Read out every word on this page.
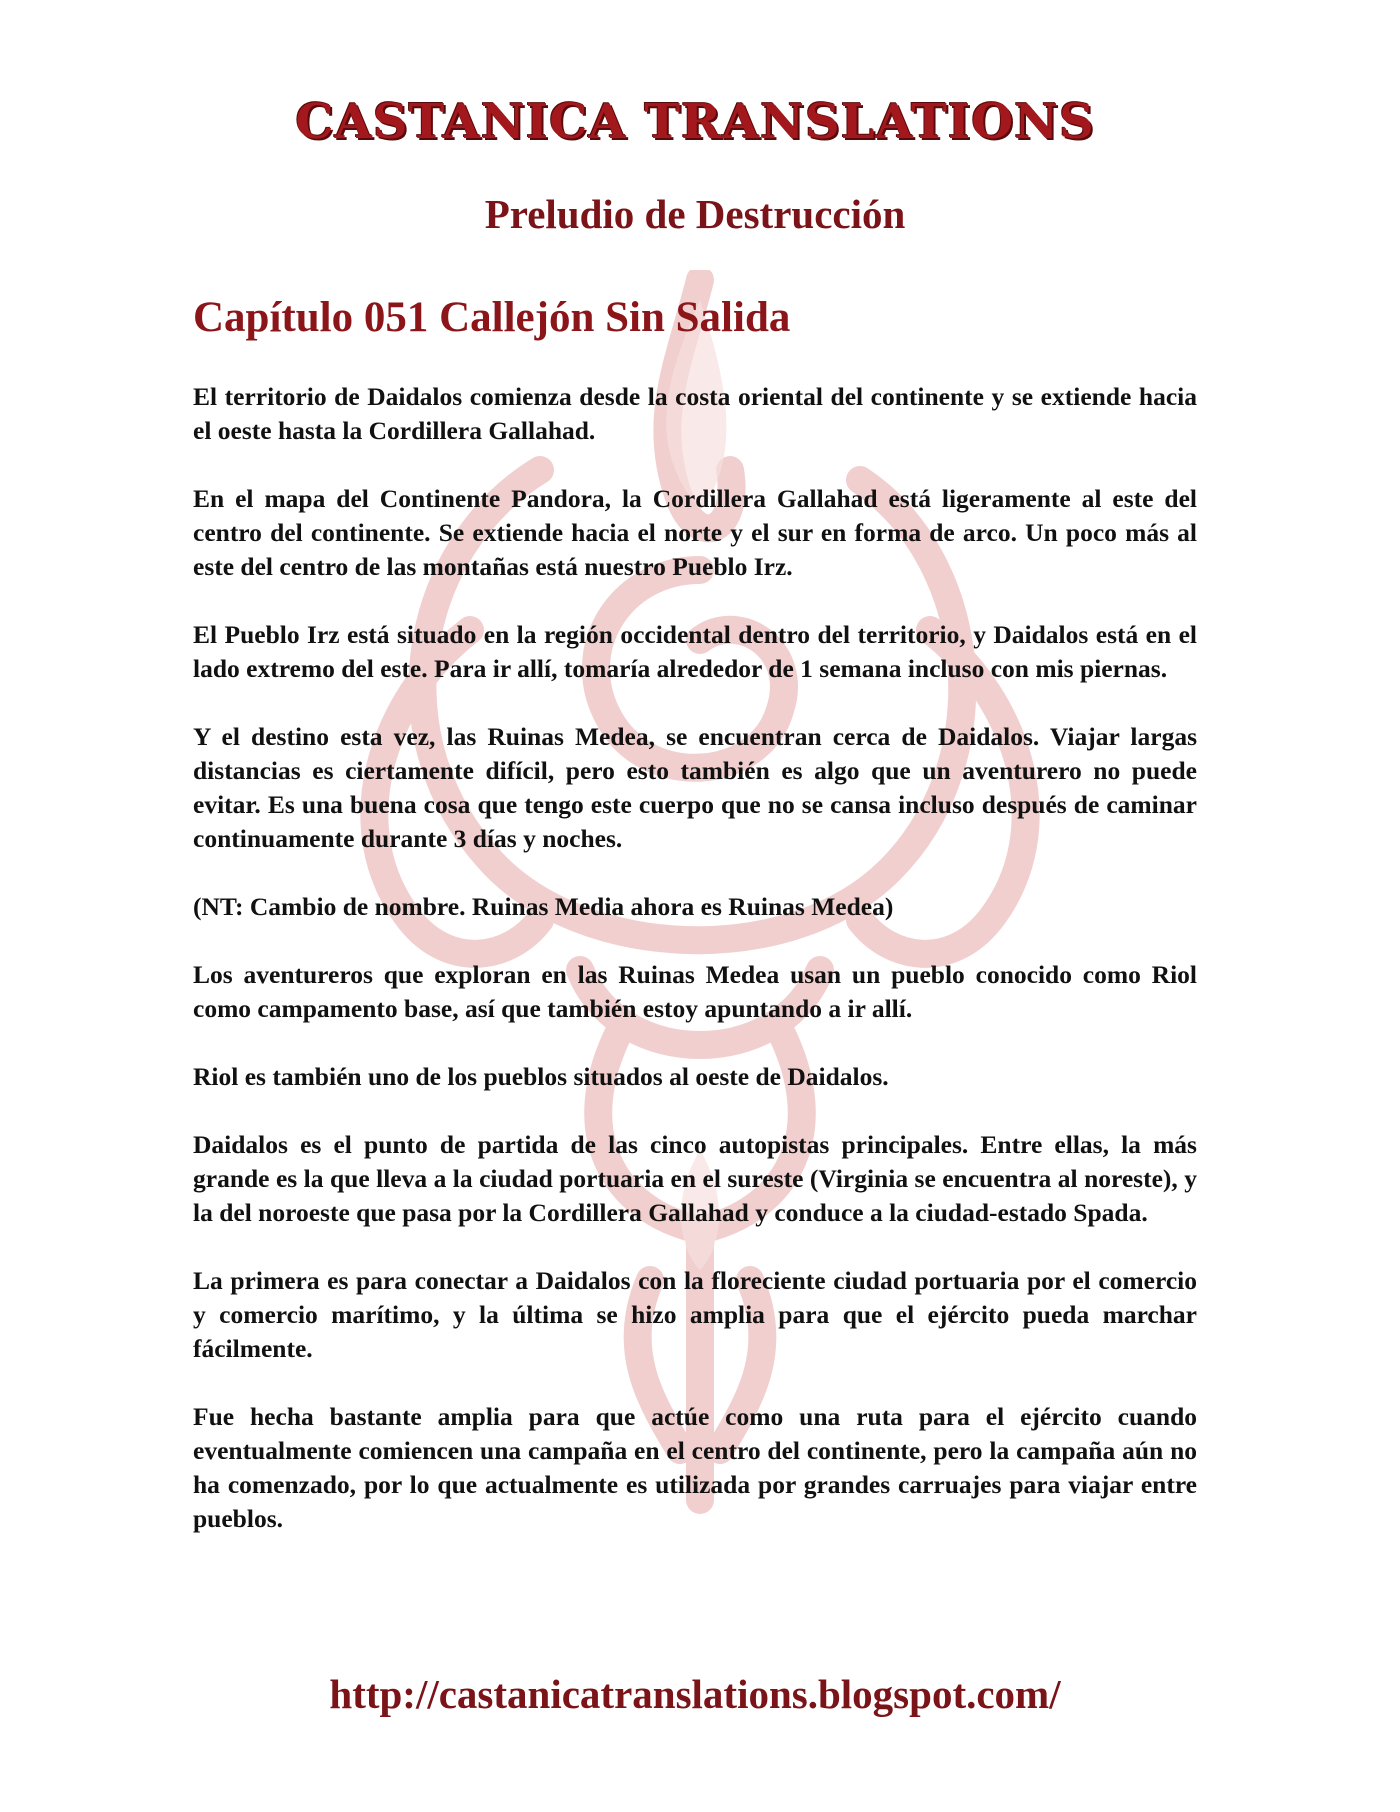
CASTANICA TRANSLATIONS
Preludio de Destrucción
Capítulo 051 Callejón Sin Salida

El territorio de Daidalos comienza desde la costa oriental del continente y se extiende hacia el oeste hasta la Cordillera Gallahad.

En el mapa del Continente Pandora, la Cordillera Gallahad está ligeramente al este del centro del continente. Se extiende hacia el norte y el sur en forma de arco. Un poco más al este del centro de las montañas está nuestro Pueblo Irz.

El Pueblo Irz está situado en la región occidental dentro del territorio, y Daidalos está en el lado extremo del este. Para ir allí, tomaría alrededor de 1 semana incluso con mis piernas.

Y el destino esta vez, las Ruinas Medea, se encuentran cerca de Daidalos. Viajar largas distancias es ciertamente difícil, pero esto también es algo que un aventurero no puede evitar. Es una buena cosa que tengo este cuerpo que no se cansa incluso después de caminar continuamente durante 3 días y noches.

(NT: Cambio de nombre. Ruinas Media ahora es Ruinas Medea)

Los aventureros que exploran en las Ruinas Medea usan un pueblo conocido como Riol como campamento base, así que también estoy apuntando a ir allí.

Riol es también uno de los pueblos situados al oeste de Daidalos.

Daidalos es el punto de partida de las cinco autopistas principales. Entre ellas, la más grande es la que lleva a la ciudad portuaria en el sureste (Virginia se encuentra al noreste), y la del noroeste que pasa por la Cordillera Gallahad y conduce a la ciudad-estado Spada.

La primera es para conectar a Daidalos con la floreciente ciudad portuaria por el comercio y comercio marítimo, y la última se hizo amplia para que el ejército pueda marchar fácilmente.

Fue hecha bastante amplia para que actúe como una ruta para el ejército cuando eventualmente comiencen una campaña en el centro del continente, pero la campaña aún no ha comenzado, por lo que actualmente es utilizada por grandes carruajes para viajar entre pueblos.

http://castanicatranslations.blogspot.com/
